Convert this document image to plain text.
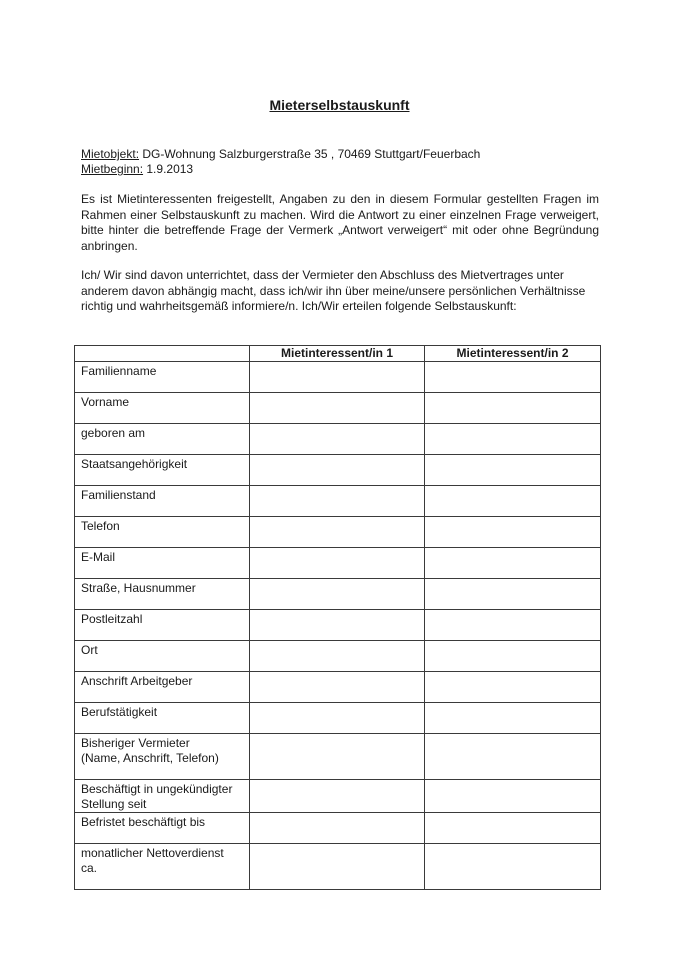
Mieterselbstauskunft
Mietobjekt: DG-Wohnung Salzburgerstraße 35 , 70469 Stuttgart/Feuerbach
Mietbeginn: 1.9.2013
Es ist Mietinteressenten freigestellt, Angaben zu den in diesem Formular gestellten Fragen im Rahmen einer Selbstauskunft zu machen. Wird die Antwort zu einer einzelnen Frage verweigert, bitte hinter die betreffende Frage der Vermerk „Antwort verweigert“ mit oder ohne Begründung anbringen.
Ich/ Wir sind davon unterrichtet, dass der Vermieter den Abschluss des Mietvertrages unter anderem davon abhängig macht, dass ich/wir ihn über meine/unsere persönlichen Verhältnisse richtig und wahrheitsgemäß informiere/n. Ich/Wir erteilen folgende Selbstauskunft:
	Mietinteressent/in 1	Mietinteressent/in 2

Familienname		

Vorname		

geboren am		

Staatsangehörigkeit		

Familienstand		

Telefon		

E-Mail		

Straße, Hausnummer		

Postleitzahl		

Ort		

Anschrift Arbeitgeber		

Berufstätigkeit		

Bisheriger Vermieter
(Name, Anschrift, Telefon)		

Beschäftigt in ungekündigter
Stellung seit		

Befristet beschäftigt bis		

monatlicher Nettoverdienst ca.		
